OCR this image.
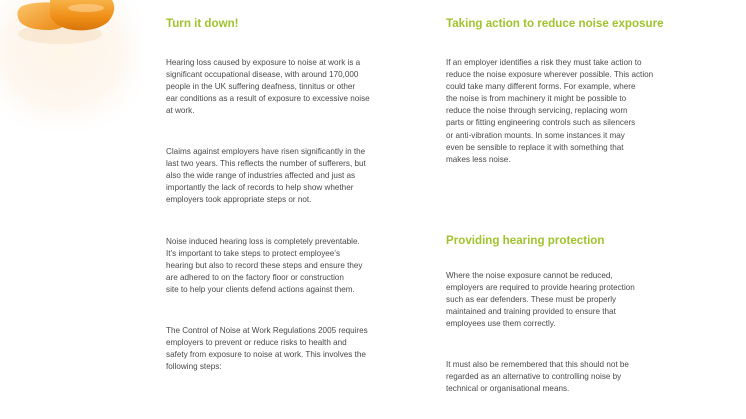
Turn it down!

Hearing loss caused by exposure to noise at work is a
significant occupational disease, with around 170,000
people in the UK suffering deafness, tinnitus or other
ear conditions as a result of exposure to excessive noise
at work.

Claims against employers have risen significantly in the
last two years. This reflects the number of sufferers, but
also the wide range of industries affected and just as
importantly the lack of records to help show whether
employers took appropriate steps or not.

Noise induced hearing loss is completely preventable.
It’s important to take steps to protect employee’s
hearing but also to record these steps and ensure they
are adhered to on the factory floor or construction
site to help your clients defend actions against them.

The Control of Noise at Work Regulations 2005 requires
employers to prevent or reduce risks to health and
safety from exposure to noise at work. This involves the
following steps:

Taking action to reduce noise exposure

If an employer identifies a risk they must take action to
reduce the noise exposure wherever possible. This action
could take many different forms. For example, where
the noise is from machinery it might be possible to
reduce the noise through servicing, replacing worn
parts or fitting engineering controls such as silencers
or anti-vibration mounts. In some instances it may
even be sensible to replace it with something that
makes less noise.

Providing hearing protection

Where the noise exposure cannot be reduced,
employers are required to provide hearing protection
such as ear defenders. These must be properly
maintained and training provided to ensure that
employees use them correctly.

It must also be remembered that this should not be
regarded as an alternative to controlling noise by
technical or organisational means.
